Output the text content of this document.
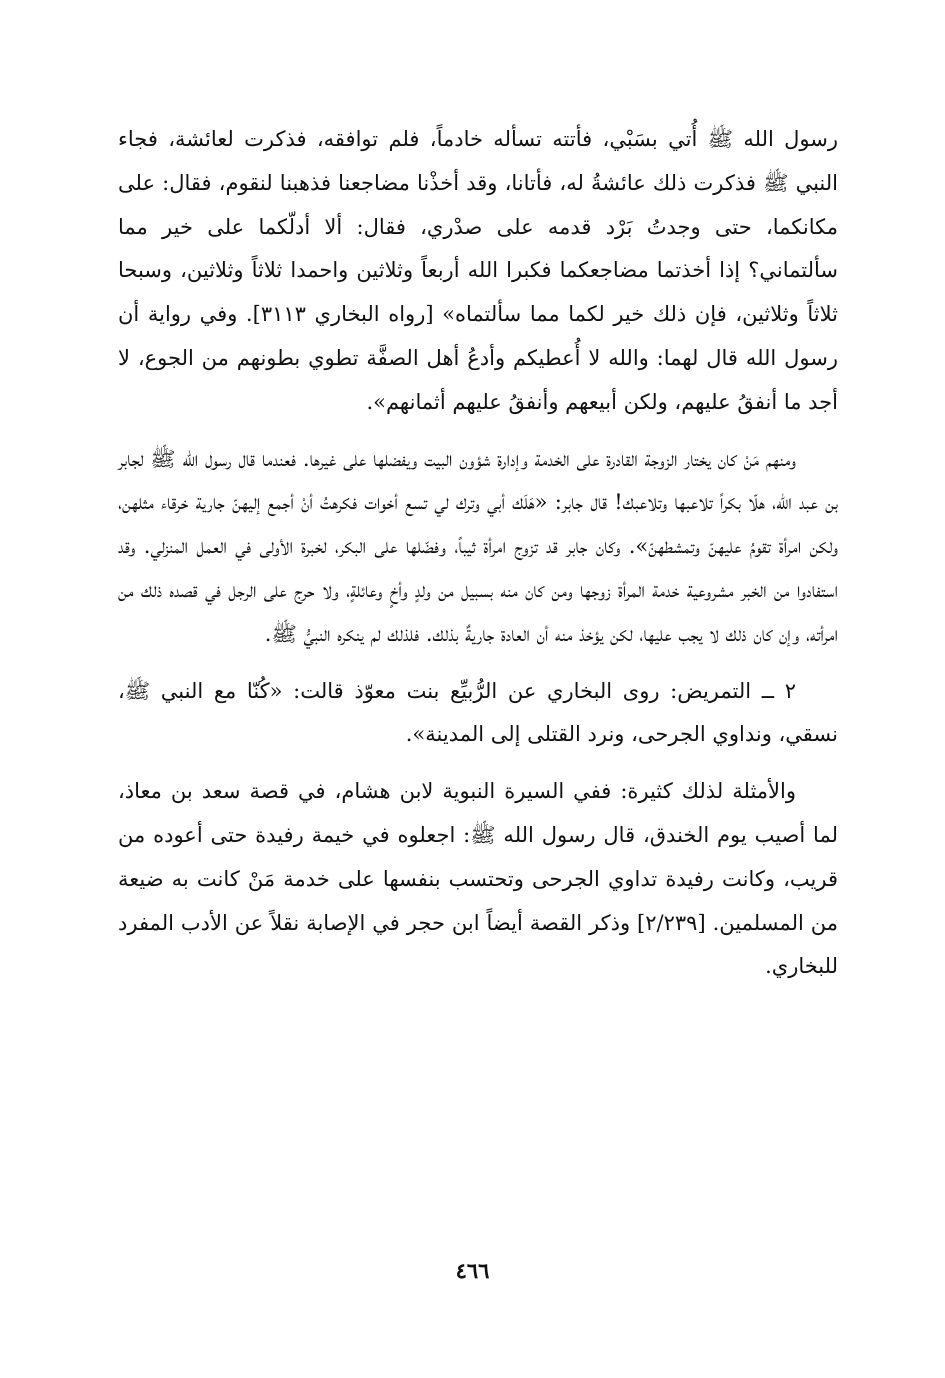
رسول الله ﷺ أُتي بسَبْي، فأتته تسأله خادماً، فلم توافقه، فذكرت لعائشة، فجاء النبي ﷺ فذكرت ذلك عائشةُ له، فأتانا، وقد أخذْنا مضاجعنا فذهبنا لنقوم، فقال: على مكانكما، حتى وجدتُ بَرْد قدمه على صدْري، فقال: ألا أدلّكما على خير مما سألتماني؟ إذا أخذتما مضاجعكما فكبرا الله أربعاً وثلاثين واحمدا ثلاثاً وثلاثين، وسبحا ثلاثاً وثلاثين، فإن ذلك خير لكما مما سألتماه» [رواه البخاري ٣١١٣]. وفي رواية أن رسول الله قال لهما: والله لا أُعطيكم وأدعُ أهل الصفَّة تطوي بطونهم من الجوع، لا أجد ما أنفقُ عليهم، ولكن أبيعهم وأنفقُ عليهم أثمانهم».

ومنهم مَنْ كان يختار الزوجة القادرة على الخدمة وإدارة شؤون البيت ويفضلها على غيرها. فعندما قال رسول الله ﷺ لجابر بن عبد الله، هلّا بكراً تلاعبها وتلاعبك! قال جابر: «هَلَك أبي وترك لي تسع أخوات فكرهتُ أنْ أجمع إليهنّ جارية خرقاء مثلهن، ولكن امرأة تقومُ عليهنّ وتمشطهنّ». وكان جابر قد تزوج امرأة ثيباً، وفضّلها على البكر، لخبرة الأولى في العمل المنزلي. وقد استفادوا من الخبر مشروعية خدمة المرأة زوجها ومن كان منه بسبيل من ولدٍ وأخٍ وعائلةٍ، ولا حرج على الرجل في قصده ذلك من امرأته، وإن كان ذلك لا يجب عليها، لكن يؤخذ منه أن العادة جاريةٌ بذلك. فلذلك لم ينكره النبيُّ ﷺ.

٢ ــ التمريض: روى البخاري عن الرُّبيِّع بنت معوّذ قالت: «كُنّا مع النبي ﷺ، نسقي، ونداوي الجرحى، ونرد القتلى إلى المدينة».

والأمثلة لذلك كثيرة: ففي السيرة النبوية لابن هشام، في قصة سعد بن معاذ، لما أصيب يوم الخندق، قال رسول الله ﷺ: اجعلوه في خيمة رفيدة حتى أعوده من قريب، وكانت رفيدة تداوي الجرحى وتحتسب بنفسها على خدمة مَنْ كانت به ضيعة من المسلمين. [٢/٢٣٩] وذكر القصة أيضاً ابن حجر في الإصابة نقلاً عن الأدب المفرد للبخاري.

٤٦٦
